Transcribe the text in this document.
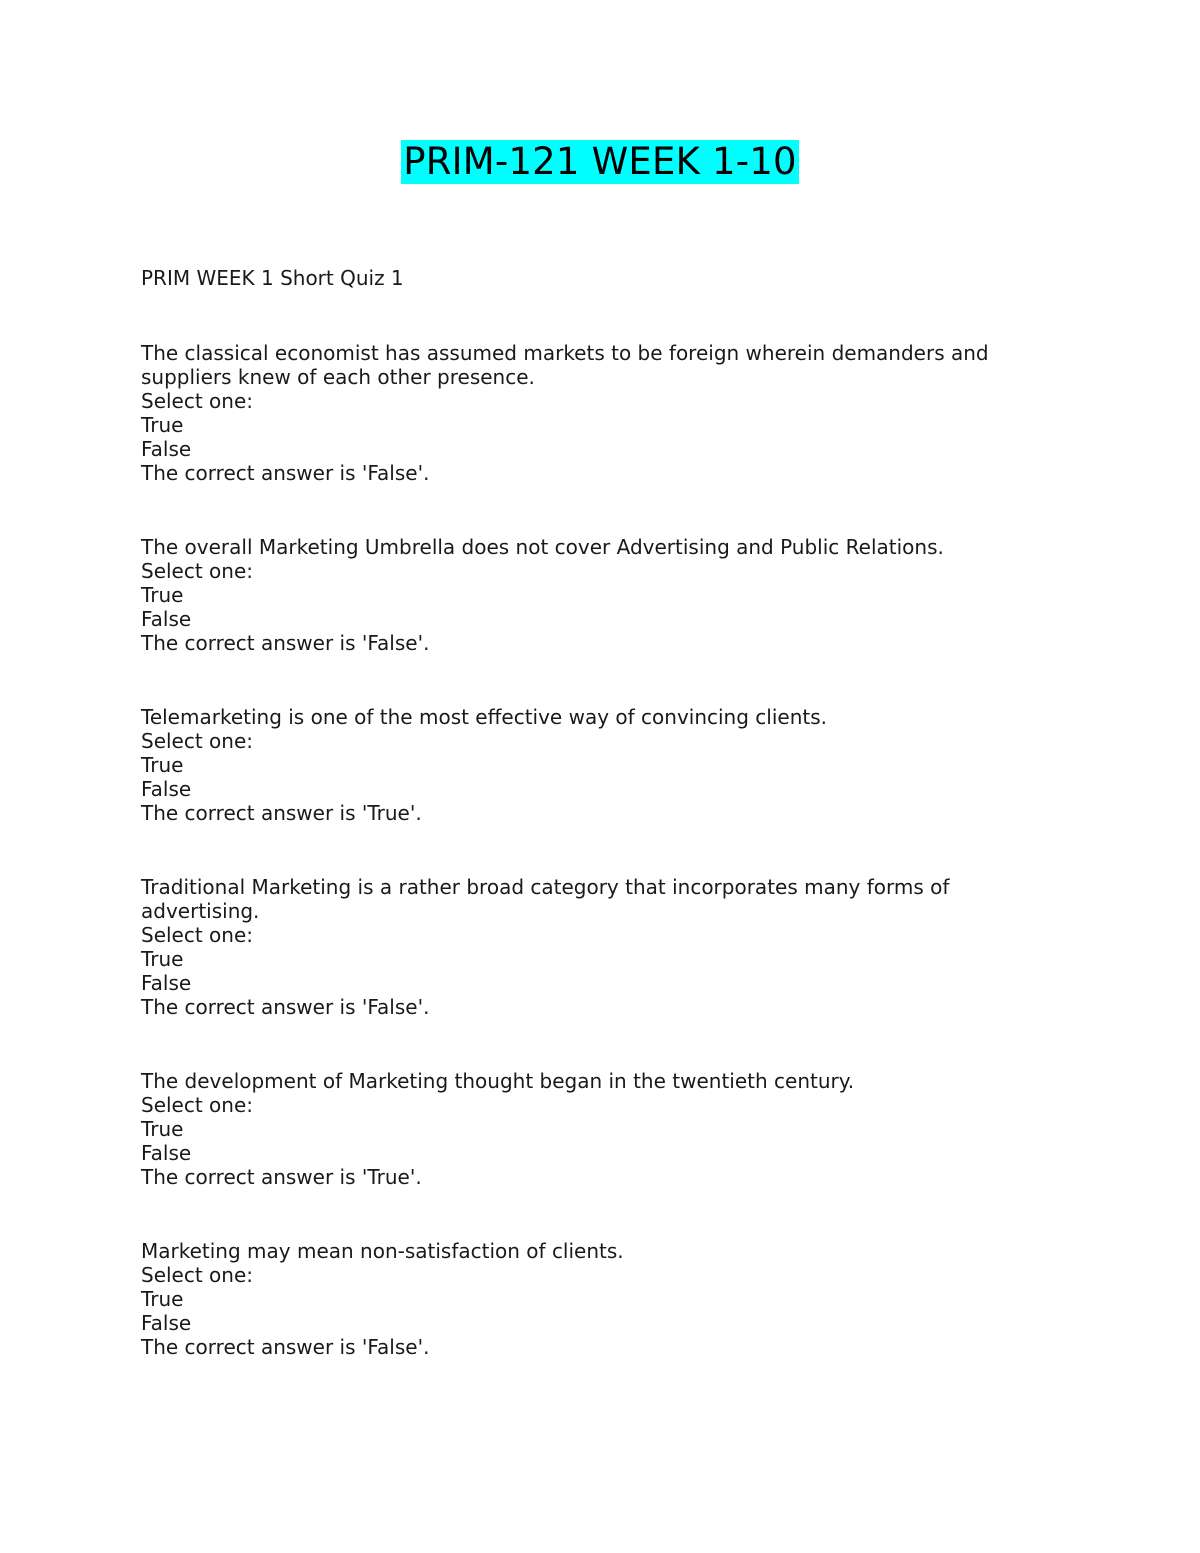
PRIM-121 WEEK 1-10
PRIM WEEK 1 Short Quiz 1
The classical economist has assumed markets to be foreign wherein demanders and suppliers knew of each other presence.
Select one:
True
False
The correct answer is 'False'.
The overall Marketing Umbrella does not cover Advertising and Public Relations.
Select one:
True
False
The correct answer is 'False'.
Telemarketing is one of the most effective way of convincing clients.
Select one:
True
False
The correct answer is 'True'.
Traditional Marketing is a rather broad category that incorporates many forms of advertising.
Select one:
True
False
The correct answer is 'False'.
The development of Marketing thought began in the twentieth century.
Select one:
True
False
The correct answer is 'True'.
Marketing may mean non-satisfaction of clients.
Select one:
True
False
The correct answer is 'False'.
